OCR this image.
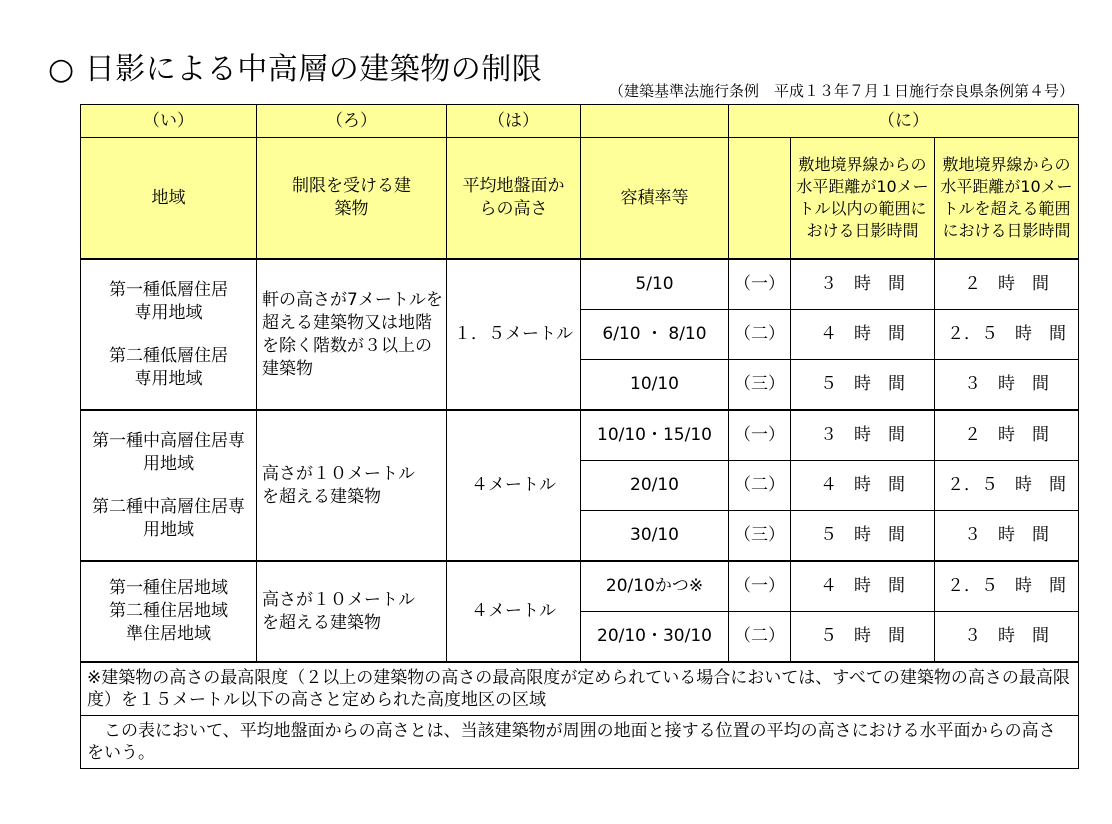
○ 日影による中高層の建築物の制限
（建築基準法施行条例　平成１３年７月１日施行奈良県条例第４号）
（い）	（ろ）	（は）		（に）		
地域	制限を受ける建築物	平均地盤面からの高さ	容積率等		敷地境界線からの水平距離が10メートル以内の範囲における日影時間	敷地境界線からの水平距離が10メートルを超える範囲における日影時間

第一種低層住居専用地域
第二種低層住居専用地域	軒の高さが7メートルを超える建築物又は地階を除く階数が３以上の建築物	１．５メートル	5/10	（一）	３　時　間	２　時　間
			6/10 ・ 8/10	（二）	４　時　間	２．５　時　間
			10/10	（三）	５　時　間	３　時　間

第一種中高層住居専用地域
第二種中高層住居専用地域	高さが１０メートルを超える建築物	４メートル	10/10・15/10	（一）	３　時　間	２　時　間
			20/10	（二）	４　時　間	２．５　時　間
			30/10	（三）	５　時　間	３　時　間

第一種住居地域
第二種住居地域
準住居地域	高さが１０メートルを超える建築物	４メートル	20/10かつ※	（一）	４　時　間	２．５　時　間
			20/10・30/10	（二）	５　時　間	３　時　間
※建築物の高さの最高限度（２以上の建築物の高さの最高限度が定められている場合においては、すべての建築物の高さの最高限度）を１５メートル以下の高さと定められた高度地区の区域						
　この表において、平均地盤面からの高さとは、当該建築物が周囲の地面と接する位置の平均の高さにおける水平面からの高さをいう。						
